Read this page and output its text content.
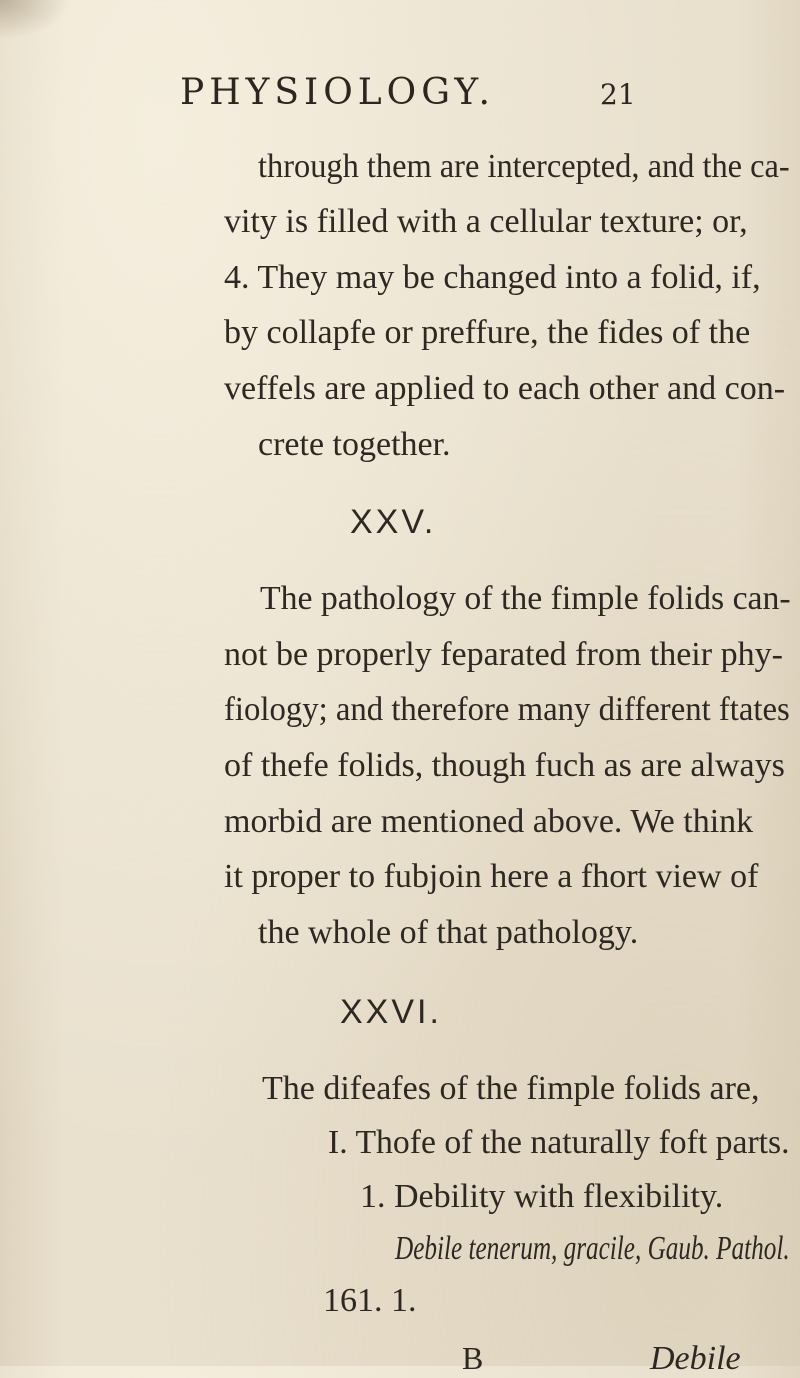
PHYSIOLOGY.	21
through them are intercepted, and the ca-
vity is filled with a cellular texture; or,
4. They may be changed into a folid, if,
by collapfe or preffure, the fides of the
veffels are applied to each other and con-
crete together.
XXV.
The pathology of the fimple folids can-
not be properly feparated from their phy-
fiology; and therefore many different ftates
of thefe folids, though fuch as are always
morbid are mentioned above. We think
it proper to fubjoin here a fhort view of
the whole of that pathology.
XXVI.
The difeafes of the fimple folids are,
I. Thofe of the naturally foft parts.
1. Debility with flexibility.
Debile tenerum, gracile, Gaub. Pathol.
161. 1.
B	Debile
